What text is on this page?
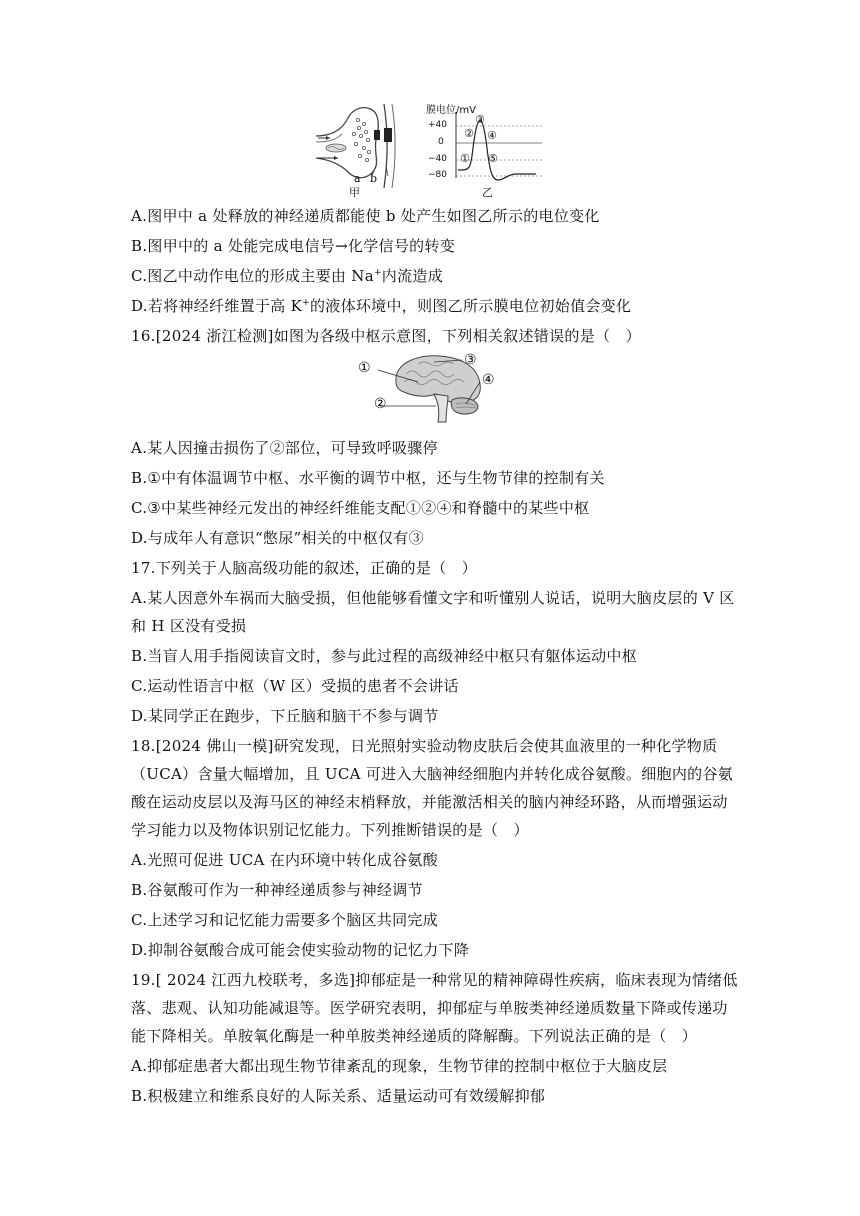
a b
甲
膜电位/mV
+40
0
−40
−80
①
②
③
④
⑤
乙
A.图甲中 a 处释放的神经递质都能使 b 处产生如图乙所示的电位变化
B.图甲中的 a 处能完成电信号→化学信号的转变
C.图乙中动作电位的形成主要由 Na+内流造成
D.若将神经纤维置于高 K+的液体环境中，则图乙所示膜电位初始值会变化
16.[2024 浙江检测]如图为各级中枢示意图，下列相关叙述错误的是（　）
①
②
③
④
A.某人因撞击损伤了②部位，可导致呼吸骤停
B.①中有体温调节中枢、水平衡的调节中枢，还与生物节律的控制有关
C.③中某些神经元发出的神经纤维能支配①②④和脊髓中的某些中枢
D.与成年人有意识“憋尿”相关的中枢仅有③
17.下列关于人脑高级功能的叙述，正确的是（　）
A.某人因意外车祸而大脑受损，但他能够看懂文字和听懂别人说话，说明大脑皮层的 V 区
和 H 区没有受损
B.当盲人用手指阅读盲文时，参与此过程的高级神经中枢只有躯体运动中枢
C.运动性语言中枢（W 区）受损的患者不会讲话
D.某同学正在跑步，下丘脑和脑干不参与调节
18.[2024 佛山一模]研究发现，日光照射实验动物皮肤后会使其血液里的一种化学物质
（UCA）含量大幅增加，且 UCA 可进入大脑神经细胞内并转化成谷氨酸。细胞内的谷氨
酸在运动皮层以及海马区的神经末梢释放，并能激活相关的脑内神经环路，从而增强运动
学习能力以及物体识别记忆能力。下列推断错误的是（　）
A.光照可促进 UCA 在内环境中转化成谷氨酸
B.谷氨酸可作为一种神经递质参与神经调节
C.上述学习和记忆能力需要多个脑区共同完成
D.抑制谷氨酸合成可能会使实验动物的记忆力下降
19.[ 2024 江西九校联考，多选]抑郁症是一种常见的精神障碍性疾病，临床表现为情绪低
落、悲观、认知功能减退等。医学研究表明，抑郁症与单胺类神经递质数量下降或传递功
能下降相关。单胺氧化酶是一种单胺类神经递质的降解酶。下列说法正确的是（　）
A.抑郁症患者大都出现生物节律紊乱的现象，生物节律的控制中枢位于大脑皮层
B.积极建立和维系良好的人际关系、适量运动可有效缓解抑郁
